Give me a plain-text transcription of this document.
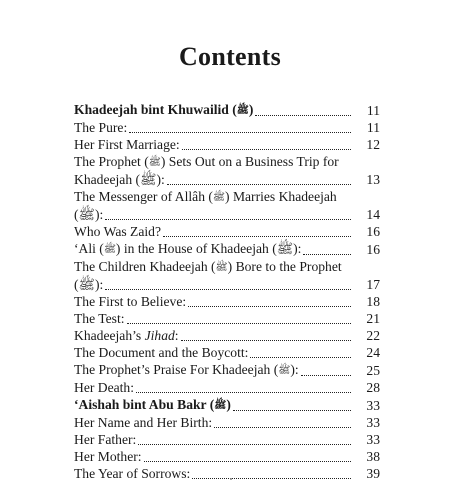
Contents
Khadeejah bint Khuwailid (ﷺ)	11
The Pure:	11
Her First Marriage:	12
The Prophet (ﷺ) Sets Out on a Business Trip for
Khadeejah (ﷺ):	13
The Messenger of Allâh (ﷺ) Marries Khadeejah
(ﷺ):	14
Who Was Zaid?	16
‘Ali (ﷺ) in the House of Khadeejah (ﷺ):	16
The Children Khadeejah (ﷺ) Bore to the Prophet
(ﷺ):	17
The First to Believe:	18
The Test:	21
Khadeejah’s Jihad:	22
The Document and the Boycott:	24
The Prophet’s Praise For Khadeejah (ﷺ):	25
Her Death:	28
‘Aishah bint Abu Bakr (ﷺ)	33
Her Name and Her Birth:	33
Her Father:	33
Her Mother:	38
The Year of Sorrows:	39
